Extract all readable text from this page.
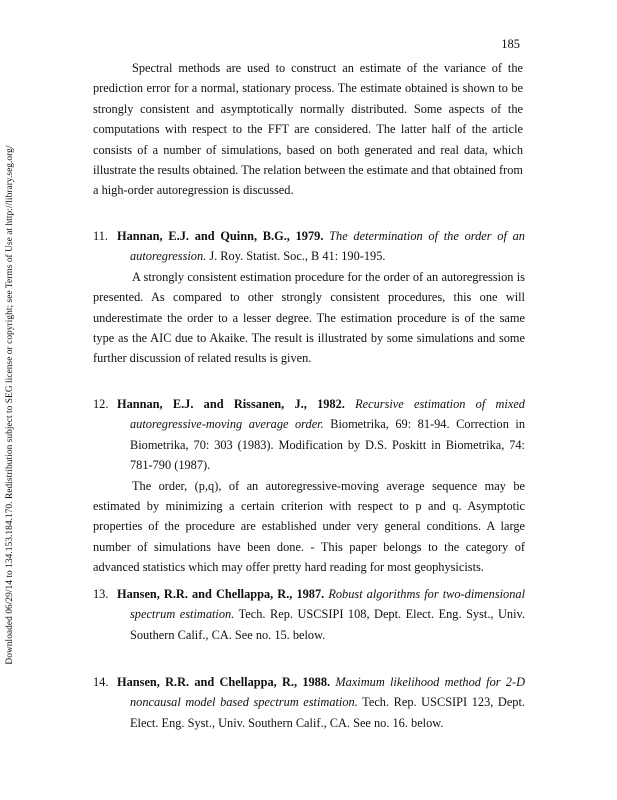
Downloaded 06/29/14 to 134.153.184.170. Redistribution subject to SEG license or copyright; see Terms of Use at http://library.seg.org/
185

Spectral methods are used to construct an estimate of the variance of the prediction error for a normal, stationary process. The estimate obtained is shown to be strongly consistent and asymptotically normally distributed. Some aspects of the computations with respect to the FFT are considered. The latter half of the article consists of a number of simulations, based on both generated and real data, which illustrate the results obtained. The relation between the estimate and that obtained from a high-order autoregression is discussed.

11. Hannan, E.J. and Quinn, B.G., 1979. The determination of the order of an autoregression. J. Roy. Statist. Soc., B 41: 190-195.
A strongly consistent estimation procedure for the order of an autoregression is presented. As compared to other strongly consistent procedures, this one will underestimate the order to a lesser degree. The estimation procedure is of the same type as the AIC due to Akaike. The result is illustrated by some simulations and some further discussion of related results is given.
12. Hannan, E.J. and Rissanen, J., 1982. Recursive estimation of mixed autoregressive-moving average order. Biometrika, 69: 81-94. Correction in Biometrika, 70: 303 (1983). Modification by D.S. Poskitt in Biometrika, 74: 781-790 (1987).
The order, (p,q), of an autoregressive-moving average sequence may be estimated by minimizing a certain criterion with respect to p and q. Asymptotic properties of the procedure are established under very general conditions. A large number of simulations have been done. - This paper belongs to the category of advanced statistics which may offer pretty hard reading for most geophysicists.
13. Hansen, R.R. and Chellappa, R., 1987. Robust algorithms for two-dimensional spectrum estimation. Tech. Rep. USCSIPI 108, Dept. Elect. Eng. Syst., Univ. Southern Calif., CA. See no. 15. below.
14. Hansen, R.R. and Chellappa, R., 1988. Maximum likelihood method for 2-D noncausal model based spectrum estimation. Tech. Rep. USCSIPI 123, Dept. Elect. Eng. Syst., Univ. Southern Calif., CA. See no. 16. below.
